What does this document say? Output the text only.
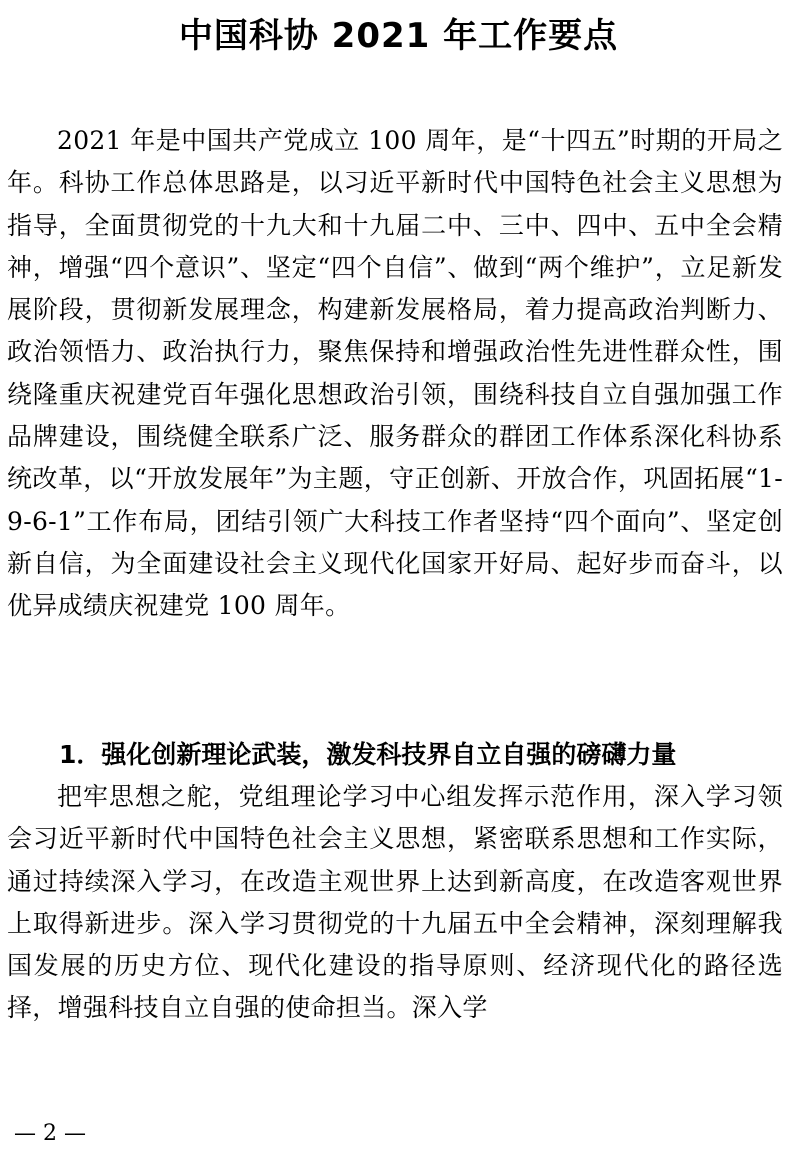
中国科协 2021 年工作要点

2021 年是中国共产党成立 100 周年，是“十四五”时期的开局之年。科协工作总体思路是，以习近平新时代中国特色社会主义思想为指导，全面贯彻党的十九大和十九届二中、三中、四中、五中全会精神，增强“四个意识”、坚定“四个自信”、做到“两个维护”，立足新发展阶段，贯彻新发展理念，构建新发展格局，着力提高政治判断力、政治领悟力、政治执行力，聚焦保持和增强政治性先进性群众性，围绕隆重庆祝建党百年强化思想政治引领，围绕科技自立自强加强工作品牌建设，围绕健全联系广泛、服务群众的群团工作体系深化科协系统改革，以“开放发展年”为主题，守正创新、开放合作，巩固拓展“1-9-6-1”工作布局，团结引领广大科技工作者坚持“四个面向”、坚定创新自信，为全面建设社会主义现代化国家开好局、起好步而奋斗，以优异成绩庆祝建党 100 周年。

1．强化创新理论武装，激发科技界自立自强的磅礴力量

把牢思想之舵，党组理论学习中心组发挥示范作用，深入学习领会习近平新时代中国特色社会主义思想，紧密联系思想和工作实际，通过持续深入学习，在改造主观世界上达到新高度，在改造客观世界上取得新进步。深入学习贯彻党的十九届五中全会精神，深刻理解我国发展的历史方位、现代化建设的指导原则、经济现代化的路径选择，增强科技自立自强的使命担当。深入学

— 2 —
